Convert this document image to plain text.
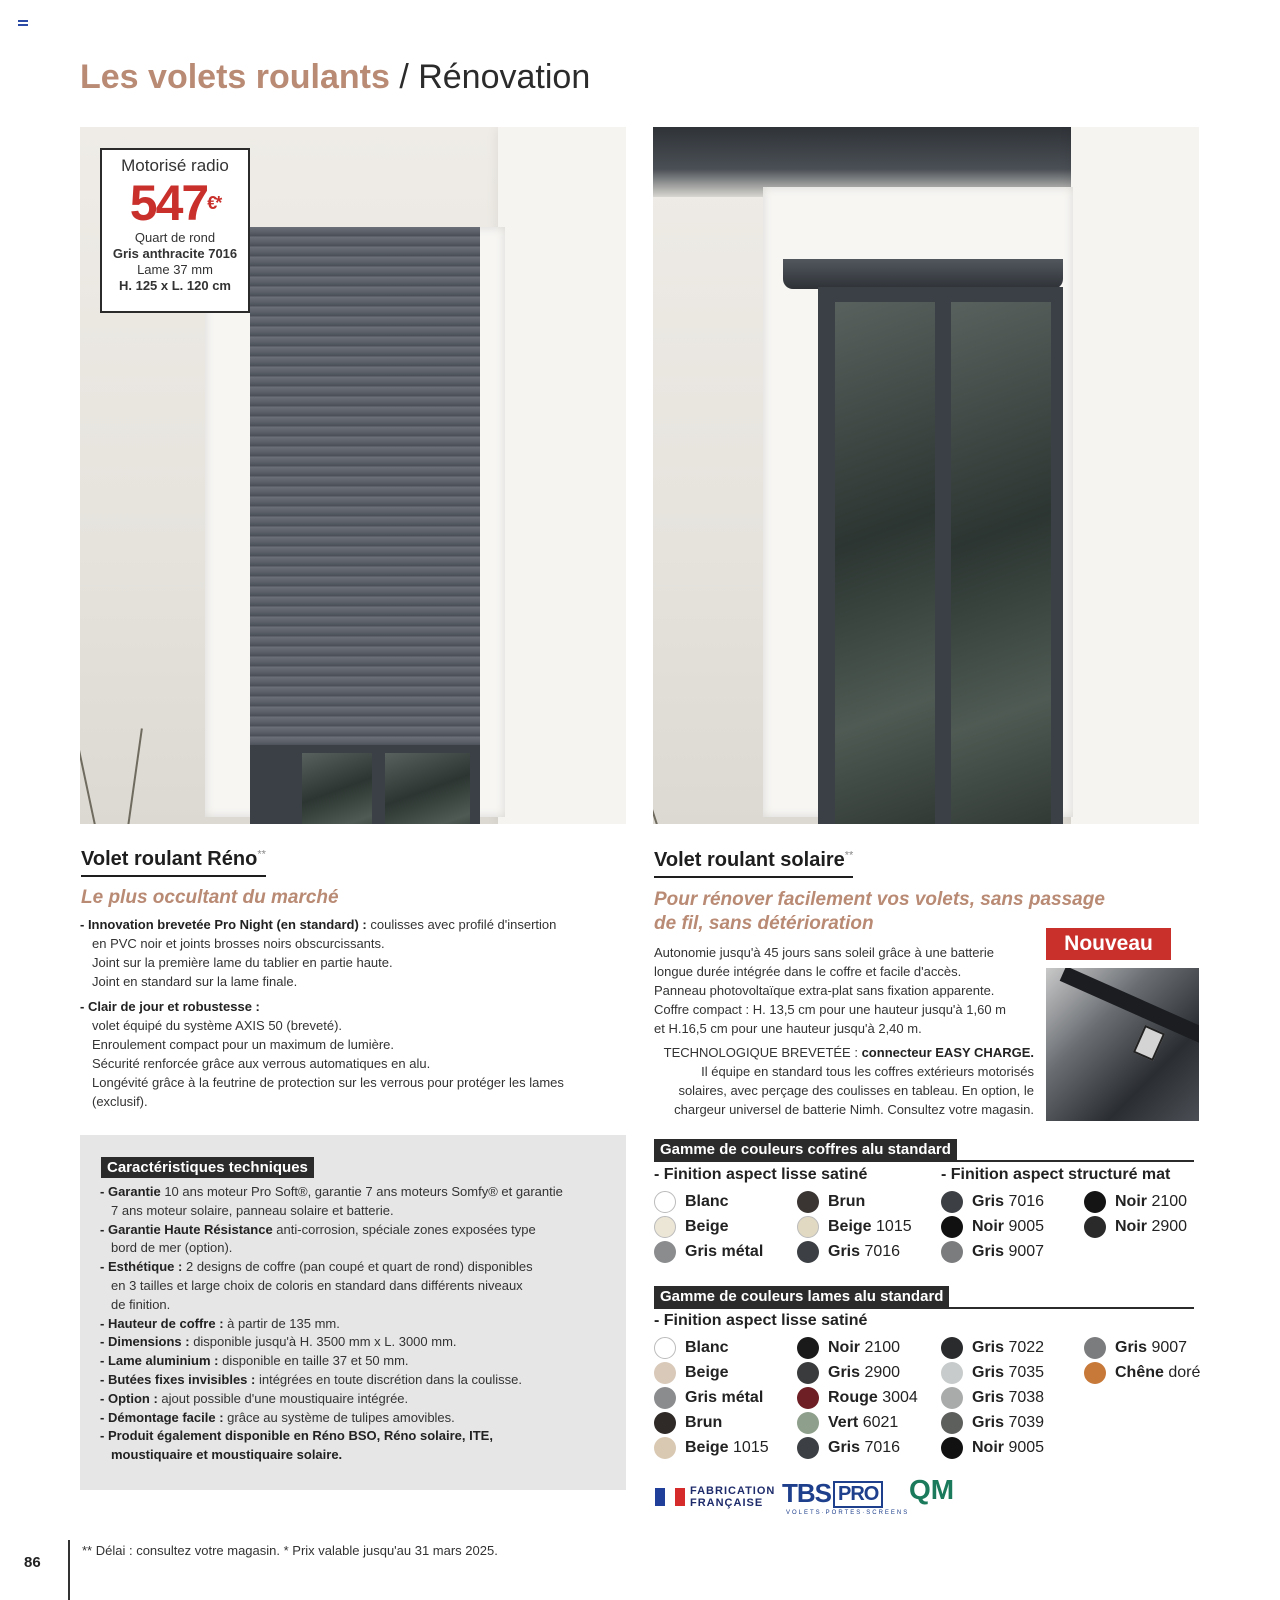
Les volets roulants / Rénovation
Motorisé radio
547€*
Quart de rond
Gris anthracite 7016
Lame 37 mm
H. 125 x L. 120 cm
Volet roulant Réno**
Le plus occultant du marché
- Innovation brevetée Pro Night (en standard) : coulisses avec profilé d'insertion
en PVC noir et joints brosses noirs obscurcissants.
Joint sur la première lame du tablier en partie haute.
Joint en standard sur la lame finale.
- Clair de jour et robustesse :
volet équipé du système AXIS 50 (breveté).
Enroulement compact pour un maximum de lumière.
Sécurité renforcée grâce aux verrous automatiques en alu.
Longévité grâce à la feutrine de protection sur les verrous pour protéger les lames
(exclusif).
Volet roulant solaire**
Pour rénover facilement vos volets, sans passage
de fil, sans détérioration
Autonomie jusqu'à 45 jours sans soleil grâce à une batterie
longue durée intégrée dans le coffre et facile d'accès.
Panneau photovoltaïque extra-plat sans fixation apparente.
Coffre compact : H. 13,5 cm pour une hauteur jusqu'à 1,60 m
et H.16,5 cm pour une hauteur jusqu'à 2,40 m.
TECHNOLOGIQUE BREVETÉE : connecteur EASY CHARGE.
Il équipe en standard tous les coffres extérieurs motorisés
solaires, avec perçage des coulisses en tableau. En option, le
chargeur universel de batterie Nimh. Consultez votre magasin.
Nouveau
Caractéristiques techniques
- Garantie 10 ans moteur Pro Soft®, garantie 7 ans moteurs Somfy® et garantie
7 ans moteur solaire, panneau solaire et batterie.
- Garantie Haute Résistance anti-corrosion, spéciale zones exposées type
bord de mer (option).
- Esthétique : 2 designs de coffre (pan coupé et quart de rond) disponibles
en 3 tailles et large choix de coloris en standard dans différents niveaux
de finition.
- Hauteur de coffre : à partir de 135 mm.
- Dimensions : disponible jusqu'à H. 3500 mm x L. 3000 mm.
- Lame aluminium : disponible en taille 37 et 50 mm.
- Butées fixes invisibles : intégrées en toute discrétion dans la coulisse.
- Option : ajout possible d'une moustiquaire intégrée.
- Démontage facile : grâce au système de tulipes amovibles.
- Produit également disponible en Réno BSO, Réno solaire, ITE,
moustiquaire et moustiquaire solaire.
Gamme de couleurs coffres alu standard
- Finition aspect lisse satiné	- Finition aspect structuré mat
Blanc
Beige
Gris métal
Brun
Beige 1015
Gris 7016
Gris 7016
Noir 9005
Gris 9007
Noir 2100
Noir 2900
Gamme de couleurs lames alu standard
- Finition aspect lisse satiné
Blanc
Beige
Gris métal
Brun
Beige 1015
Noir 2100
Gris 2900
Rouge 3004
Vert 6021
Gris 7016
Gris 7022
Gris 7035
Gris 7038
Gris 7039
Noir 9005
Gris 9007
Chêne doré
FABRICATION
FRANÇAISE TBS PRO
VOLETS·PORTES·SCREENS
QM
86
** Délai : consultez votre magasin. * Prix valable jusqu'au 31 mars 2025.
